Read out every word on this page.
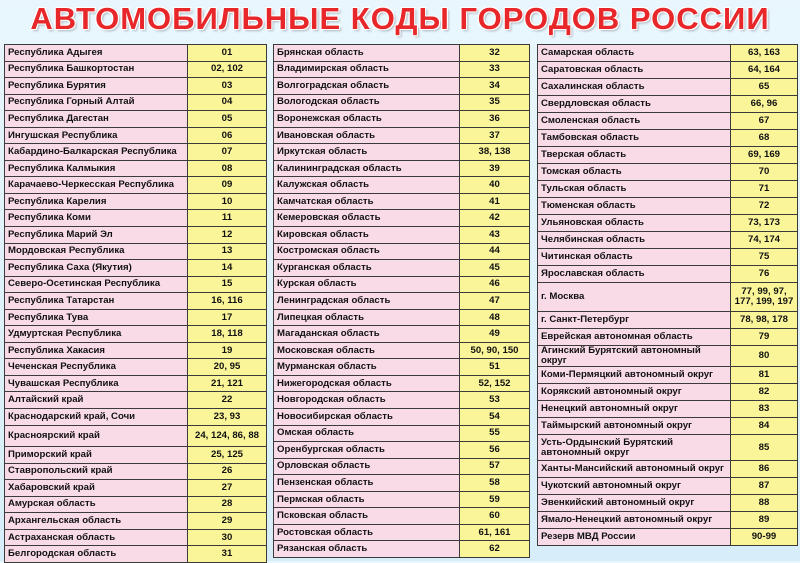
АВТОМОБИЛЬНЫЕ КОДЫ ГОРОДОВ РОССИИ
Республика Адыгея	01
Республика Башкортостан	02, 102
Республика Бурятия	03
Республика Горный Алтай	04
Республика Дагестан	05
Ингушская Республика	06
Кабардино-Балкарская Республика	07
Республика Калмыкия	08
Карачаево-Черкесская Республика	09
Республика Карелия	10
Республика Коми	11
Республика Марий Эл	12
Мордовская Республика	13
Республика Саха (Якутия)	14
Северо-Осетинская Республика	15
Республика Татарстан	16, 116
Республика Тува	17
Удмуртская Республика	18, 118
Республика Хакасия	19
Чеченская Республика	20, 95
Чувашская Республика	21, 121
Алтайский край	22
Краснодарский край, Сочи	23, 93
Красноярский край	24, 124, 86, 88
Приморский край	25, 125
Ставропольский край	26
Хабаровский край	27
Амурская область	28
Архангельская область	29
Астраханская область	30
Белгородская область	31
Брянская область	32
Владимирская область	33
Волгоградская область	34
Вологодская область	35
Воронежская область	36
Ивановская область	37
Иркутская область	38, 138
Калининградская область	39
Калужская область	40
Камчатская область	41
Кемеровская область	42
Кировская область	43
Костромская область	44
Курганская область	45
Курская область	46
Ленинградская область	47
Липецкая область	48
Магаданская область	49
Московская область	50, 90, 150
Мурманская область	51
Нижегородская область	52, 152
Новгородская область	53
Новосибирская область	54
Омская область	55
Оренбургская область	56
Орловская область	57
Пензенская область	58
Пермская область	59
Псковская область	60
Ростовская область	61, 161
Рязанская область	62
Самарская область	63, 163
Саратовская область	64, 164
Сахалинская область	65
Свердловская область	66, 96
Смоленская область	67
Тамбовская область	68
Тверская область	69, 169
Томская область	70
Тульская область	71
Тюменская область	72
Ульяновская область	73, 173
Челябинская область	74, 174
Читинская область	75
Ярославская область	76
г. Москва	77, 99, 97, 177, 199, 197
г. Санкт-Петербург	78, 98, 178
Еврейская автономная область	79
Агинский Бурятский автономный округ	80
Коми-Пермяцкий автономный округ	81
Корякский автономный округ	82
Ненецкий автономный округ	83
Таймырский автономный округ	84
Усть-Ордынский Бурятский автономный округ	85
Ханты-Мансийский автономный округ	86
Чукотский автономный округ	87
Эвенкийский автономный округ	88
Ямало-Ненецкий автономный округ	89
Резерв МВД России	90-99
